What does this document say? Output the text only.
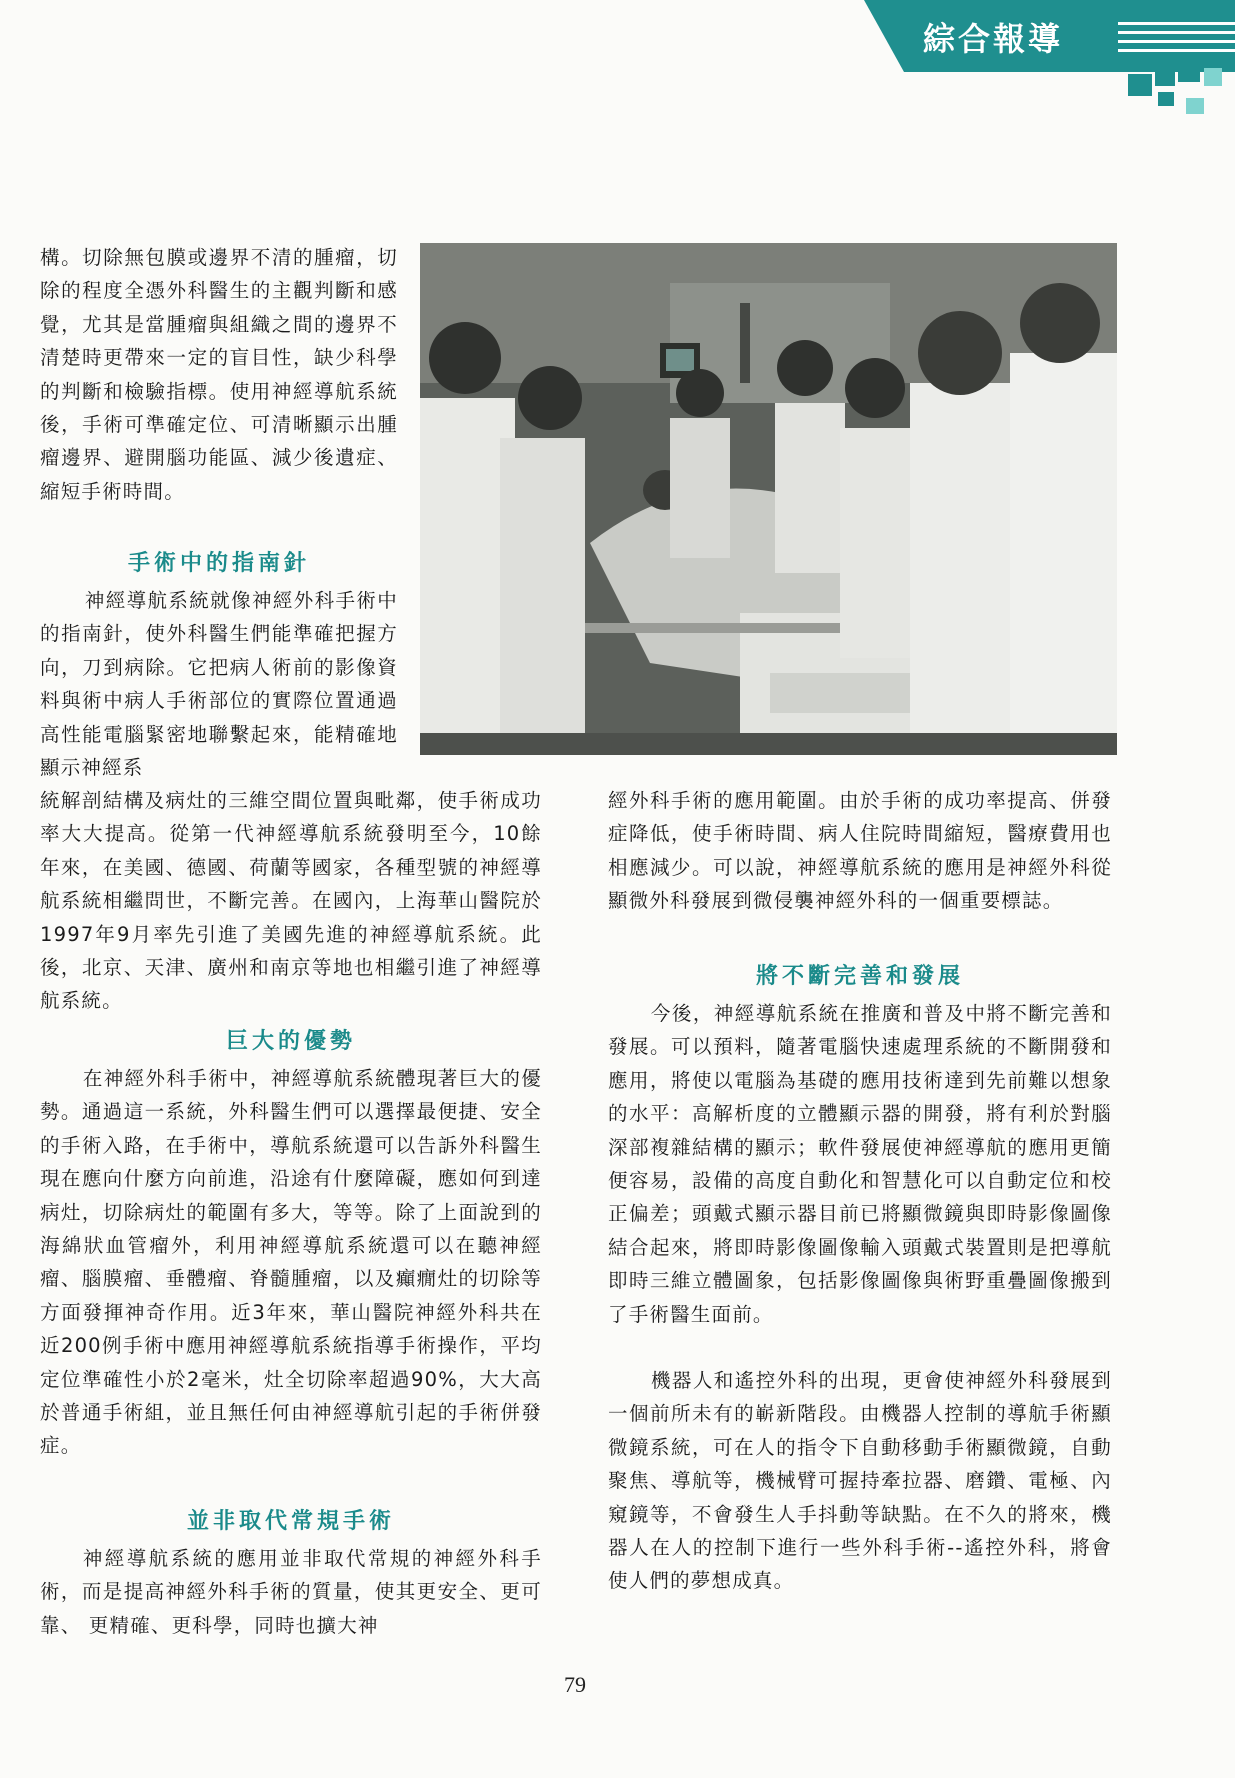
綜合報導

構。切除無包膜或邊界不清的腫瘤，切除的程度全憑外科醫生的主觀判斷和感覺，尤其是當腫瘤與組織之間的邊界不清楚時更帶來一定的盲目性，缺少科學的判斷和檢驗指標。使用神經導航系統後，手術可準確定位、可清晰顯示出腫瘤邊界、避開腦功能區、減少後遺症、縮短手術時間。

手術中的指南針

神經導航系統就像神經外科手術中的指南針，使外科醫生們能準確把握方向，刀到病除。它把病人術前的影像資料與術中病人手術部位的實際位置通過高性能電腦緊密地聯繫起來，能精確地顯示神經系

統解剖結構及病灶的三維空間位置與毗鄰，使手術成功率大大提高。從第一代神經導航系統發明至今，10餘年來，在美國、德國、荷蘭等國家，各種型號的神經導航系統相繼問世，不斷完善。在國內，上海華山醫院於1997年9月率先引進了美國先進的神經導航系統。此後，北京、天津、廣州和南京等地也相繼引進了神經導航系統。

巨大的優勢

在神經外科手術中，神經導航系統體現著巨大的優勢。通過這一系統，外科醫生們可以選擇最便捷、安全的手術入路，在手術中，導航系統還可以告訴外科醫生現在應向什麼方向前進，沿途有什麼障礙，應如何到達病灶，切除病灶的範圍有多大，等等。除了上面說到的海綿狀血管瘤外，利用神經導航系統還可以在聽神經瘤、腦膜瘤、垂體瘤、脊髓腫瘤，以及癲癇灶的切除等方面發揮神奇作用。近3年來，華山醫院神經外科共在近200例手術中應用神經導航系統指導手術操作，平均定位準確性小於2毫米，灶全切除率超過90%，大大高於普通手術組，並且無任何由神經導航引起的手術併發症。

並非取代常規手術

神經導航系統的應用並非取代常規的神經外科手術，而是提高神經外科手術的質量，使其更安全、更可靠、 更精確、更科學，同時也擴大神

經外科手術的應用範圍。由於手術的成功率提高、併發症降低，使手術時間、病人住院時間縮短，醫療費用也相應減少。可以說，神經導航系統的應用是神經外科從顯微外科發展到微侵襲神經外科的一個重要標誌。

將不斷完善和發展

今後，神經導航系統在推廣和普及中將不斷完善和發展。可以預料，隨著電腦快速處理系統的不斷開發和應用，將使以電腦為基礎的應用技術達到先前難以想象的水平：高解析度的立體顯示器的開發，將有利於對腦深部複雜結構的顯示；軟件發展使神經導航的應用更簡便容易，設備的高度自動化和智慧化可以自動定位和校正偏差；頭戴式顯示器目前已將顯微鏡與即時影像圖像結合起來，將即時影像圖像輸入頭戴式裝置則是把導航即時三維立體圖象，包括影像圖像與術野重疊圖像搬到了手術醫生面前。

機器人和遙控外科的出現，更會使神經外科發展到一個前所未有的嶄新階段。由機器人控制的導航手術顯微鏡系統，可在人的指令下自動移動手術顯微鏡，自動聚焦、導航等，機械臂可握持牽拉器、磨鑽、電極、內窺鏡等，不會發生人手抖動等缺點。在不久的將來，機器人在人的控制下進行一些外科手術--遙控外科，將會使人們的夢想成真。

79
